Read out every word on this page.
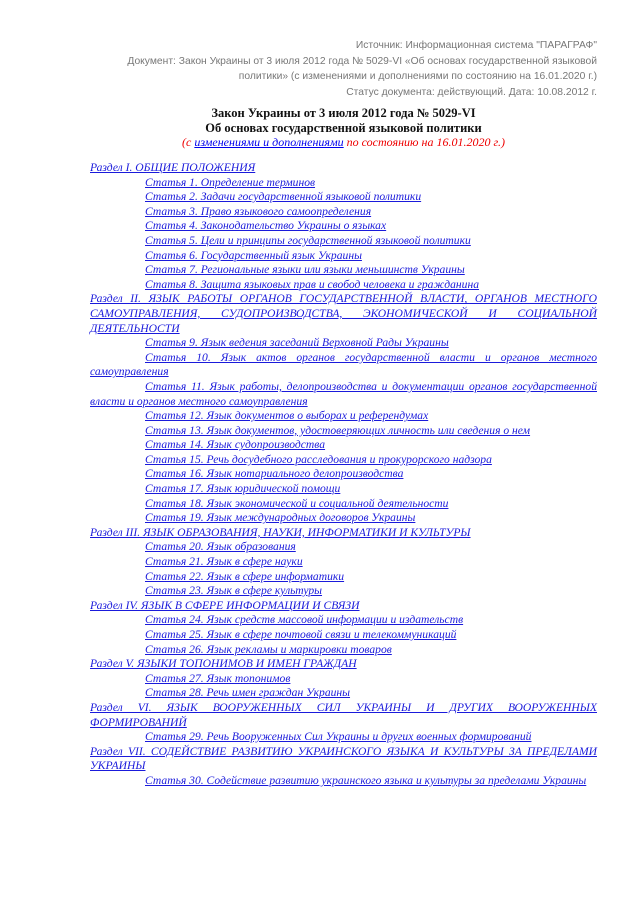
Источник: Информационная система "ПАРАГРАФ"
Документ: Закон Украины от 3 июля 2012 года № 5029-VI «Об основах государственной языковой политики» (с изменениями и дополнениями по состоянию на 16.01.2020 г.)
Статус документа: действующий. Дата: 10.08.2012 г.
Закон Украины от 3 июля 2012 года № 5029-VI
Об основах государственной языковой политики
(с изменениями и дополнениями по состоянию на 16.01.2020 г.)
Раздел I. ОБЩИЕ ПОЛОЖЕНИЯ
Статья 1. Определение терминов
Статья 2. Задачи государственной языковой политики
Статья 3. Право языкового самоопределения
Статья 4. Законодательство Украины о языках
Статья 5. Цели и принципы государственной языковой политики
Статья 6. Государственный язык Украины
Статья 7. Региональные языки или языки меньшинств Украины
Статья 8. Защита языковых прав и свобод человека и гражданина
Раздел II. ЯЗЫК РАБОТЫ ОРГАНОВ ГОСУДАРСТВЕННОЙ ВЛАСТИ, ОРГАНОВ МЕСТНОГО САМОУПРАВЛЕНИЯ, СУДОПРОИЗВОДСТВА, ЭКОНОМИЧЕСКОЙ И СОЦИАЛЬНОЙ ДЕЯТЕЛЬНОСТИ
Статья 9. Язык ведения заседаний Верховной Рады Украины
Статья 10. Язык актов органов государственной власти и органов местного самоуправления
Статья 11. Язык работы, делопроизводства и документации органов государственной власти и органов местного самоуправления
Статья 12. Язык документов о выборах и референдумах
Статья 13. Язык документов, удостоверяющих личность или сведения о нем
Статья 14. Язык судопроизводства
Статья 15. Речь досудебного расследования и прокурорского надзора
Статья 16. Язык нотариального делопроизводства
Статья 17. Язык юридической помощи
Статья 18. Язык экономической и социальной деятельности
Статья 19. Язык международных договоров Украины
Раздел III. ЯЗЫК ОБРАЗОВАНИЯ, НАУКИ, ИНФОРМАТИКИ И КУЛЬТУРЫ
Статья 20. Язык образования
Статья 21. Язык в сфере науки
Статья 22. Язык в сфере информатики
Статья 23. Язык в сфере культуры
Раздел IV. ЯЗЫК В СФЕРЕ ИНФОРМАЦИИ И СВЯЗИ
Статья 24. Язык средств массовой информации и издательств
Статья 25. Язык в сфере почтовой связи и телекоммуникаций
Статья 26. Язык рекламы и маркировки товаров
Раздел V. ЯЗЫКИ ТОПОНИМОВ И ИМЕН ГРАЖДАН
Статья 27. Язык топонимов
Статья 28. Речь имен граждан Украины
Раздел VI. ЯЗЫК ВООРУЖЕННЫХ СИЛ УКРАИНЫ И ДРУГИХ ВООРУЖЕННЫХ ФОРМИРОВАНИЙ
Статья 29. Речь Вооруженных Сил Украины и других военных формирований
Раздел VII. СОДЕЙСТВИЕ РАЗВИТИЮ УКРАИНСКОГО ЯЗЫКА И КУЛЬТУРЫ ЗА ПРЕДЕЛАМИ УКРАИНЫ
Статья 30. Содействие развитию украинского языка и культуры за пределами Украины
